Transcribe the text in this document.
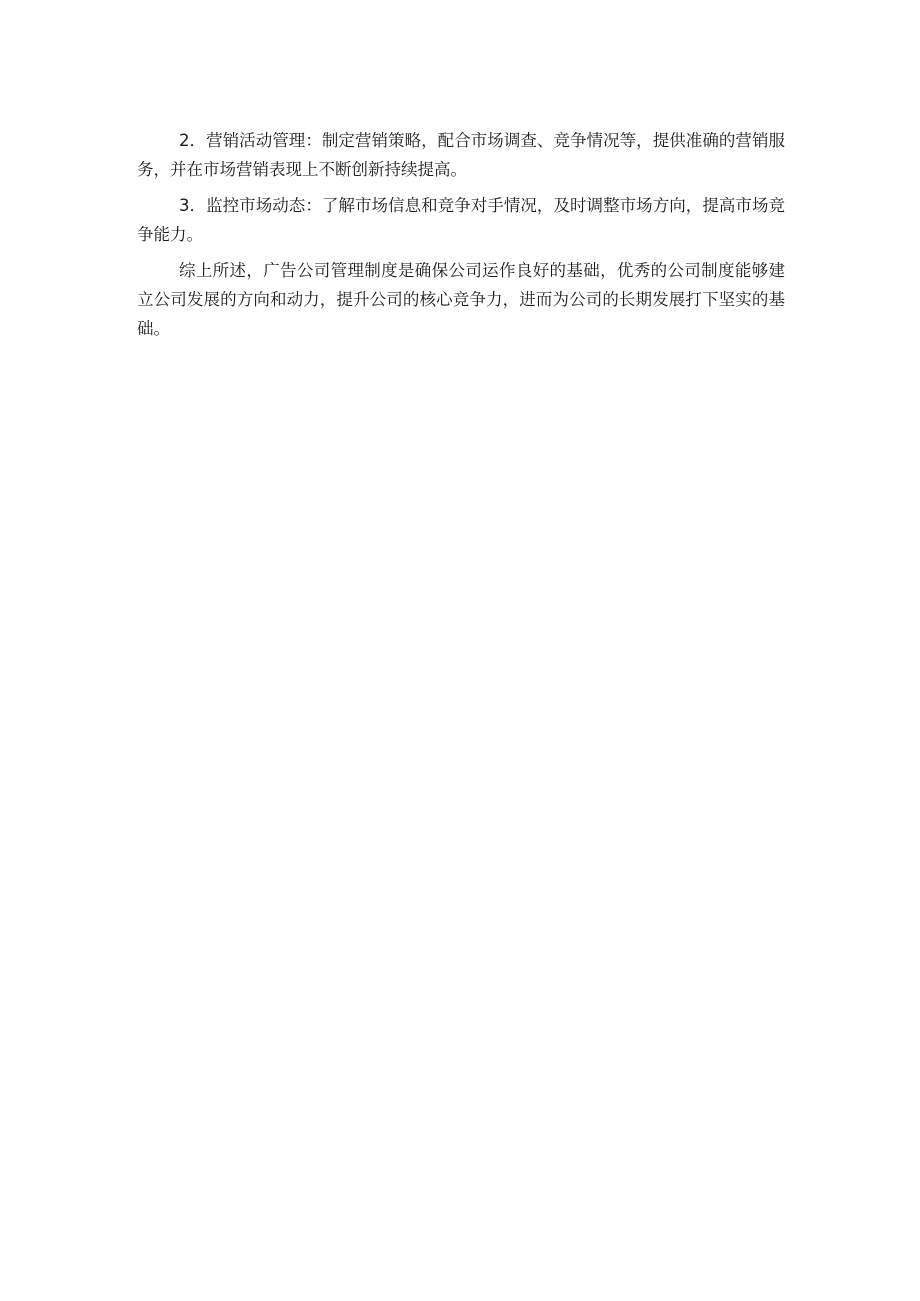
2．营销活动管理：制定营销策略，配合市场调查、竞争情况等，提供准确的营销服务，并在市场营销表现上不断创新持续提高。

3．监控市场动态：了解市场信息和竞争对手情况，及时调整市场方向，提高市场竞争能力。

综上所述，广告公司管理制度是确保公司运作良好的基础，优秀的公司制度能够建立公司发展的方向和动力，提升公司的核心竞争力，进而为公司的长期发展打下坚实的基础。
